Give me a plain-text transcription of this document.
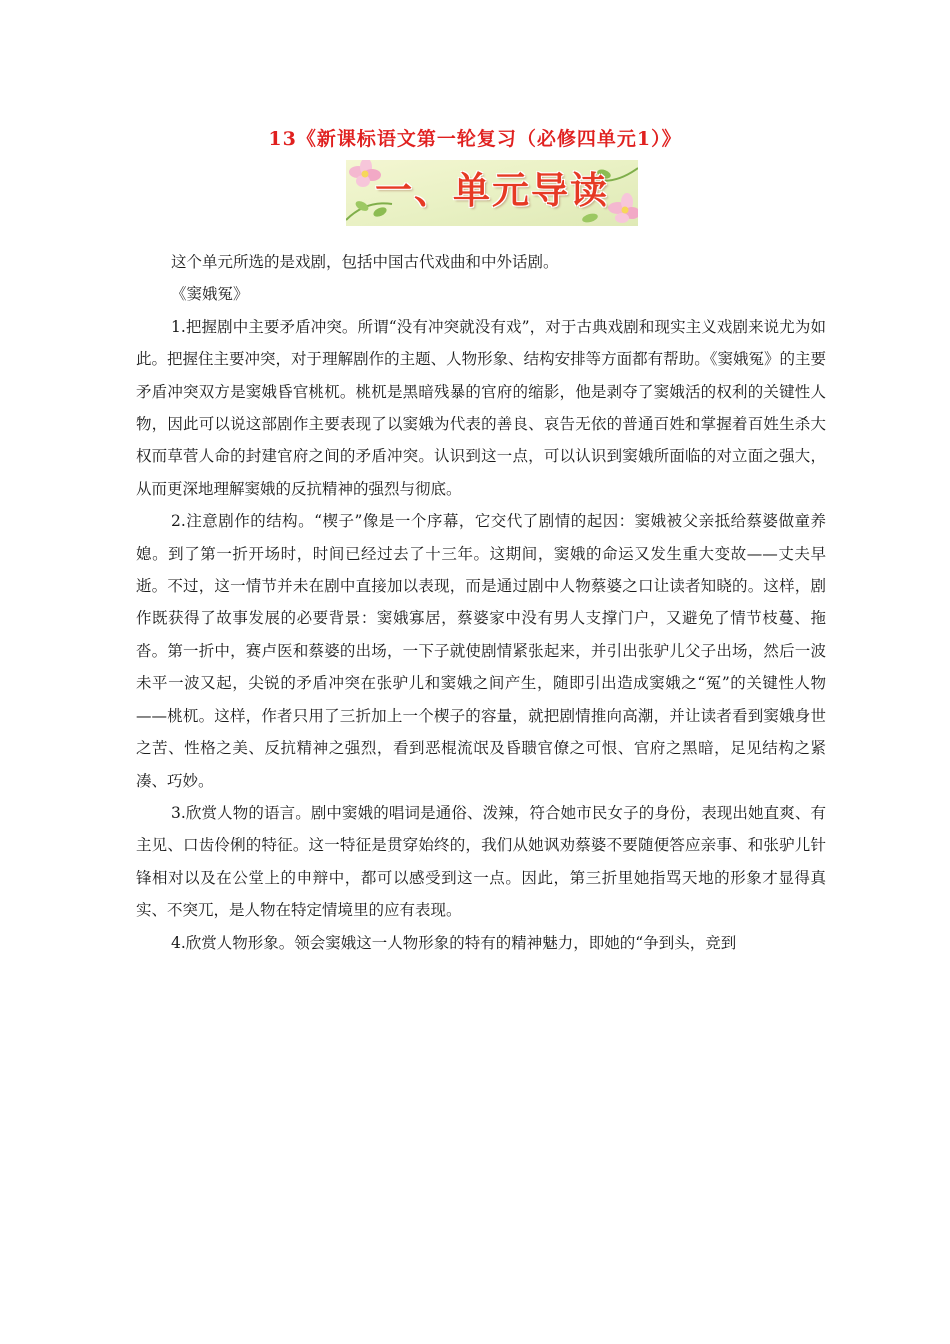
13《新课标语文第一轮复习（必修四单元1）》
一、单元导读

这个单元所选的是戏剧，包括中国古代戏曲和中外话剧。

《窦娥冤》

1.把握剧中主要矛盾冲突。所谓“没有冲突就没有戏”，对于古典戏剧和现实主义戏剧来说尤为如此。把握住主要冲突，对于理解剧作的主题、人物形象、结构安排等方面都有帮助。《窦娥冤》的主要矛盾冲突双方是窦娥昏官桃杌。桃杌是黑暗残暴的官府的缩影，他是剥夺了窦娥活的权利的关键性人物，因此可以说这部剧作主要表现了以窦娥为代表的善良、哀告无依的普通百姓和掌握着百姓生杀大权而草菅人命的封建官府之间的矛盾冲突。认识到这一点，可以认识到窦娥所面临的对立面之强大，从而更深地理解窦娥的反抗精神的强烈与彻底。

2.注意剧作的结构。“楔子”像是一个序幕，它交代了剧情的起因：窦娥被父亲抵给蔡婆做童养媳。到了第一折开场时，时间已经过去了十三年。这期间，窦娥的命运又发生重大变故——丈夫早逝。不过，这一情节并未在剧中直接加以表现，而是通过剧中人物蔡婆之口让读者知晓的。这样，剧作既获得了故事发展的必要背景：窦娥寡居，蔡婆家中没有男人支撑门户，又避免了情节枝蔓、拖沓。第一折中，赛卢医和蔡婆的出场，一下子就使剧情紧张起来，并引出张驴儿父子出场，然后一波未平一波又起，尖锐的矛盾冲突在张驴儿和窦娥之间产生，随即引出造成窦娥之“冤”的关键性人物——桃杌。这样，作者只用了三折加上一个楔子的容量，就把剧情推向高潮，并让读者看到窦娥身世之苦、性格之美、反抗精神之强烈，看到恶棍流氓及昏聩官僚之可恨、官府之黑暗，足见结构之紧凑、巧妙。

3.欣赏人物的语言。剧中窦娥的唱词是通俗、泼辣，符合她市民女子的身份，表现出她直爽、有主见、口齿伶俐的特征。这一特征是贯穿始终的，我们从她讽劝蔡婆不要随便答应亲事、和张驴儿针锋相对以及在公堂上的申辩中，都可以感受到这一点。因此，第三折里她指骂天地的形象才显得真实、不突兀，是人物在特定情境里的应有表现。

4.欣赏人物形象。领会窦娥这一人物形象的特有的精神魅力，即她的“争到头，竞到
